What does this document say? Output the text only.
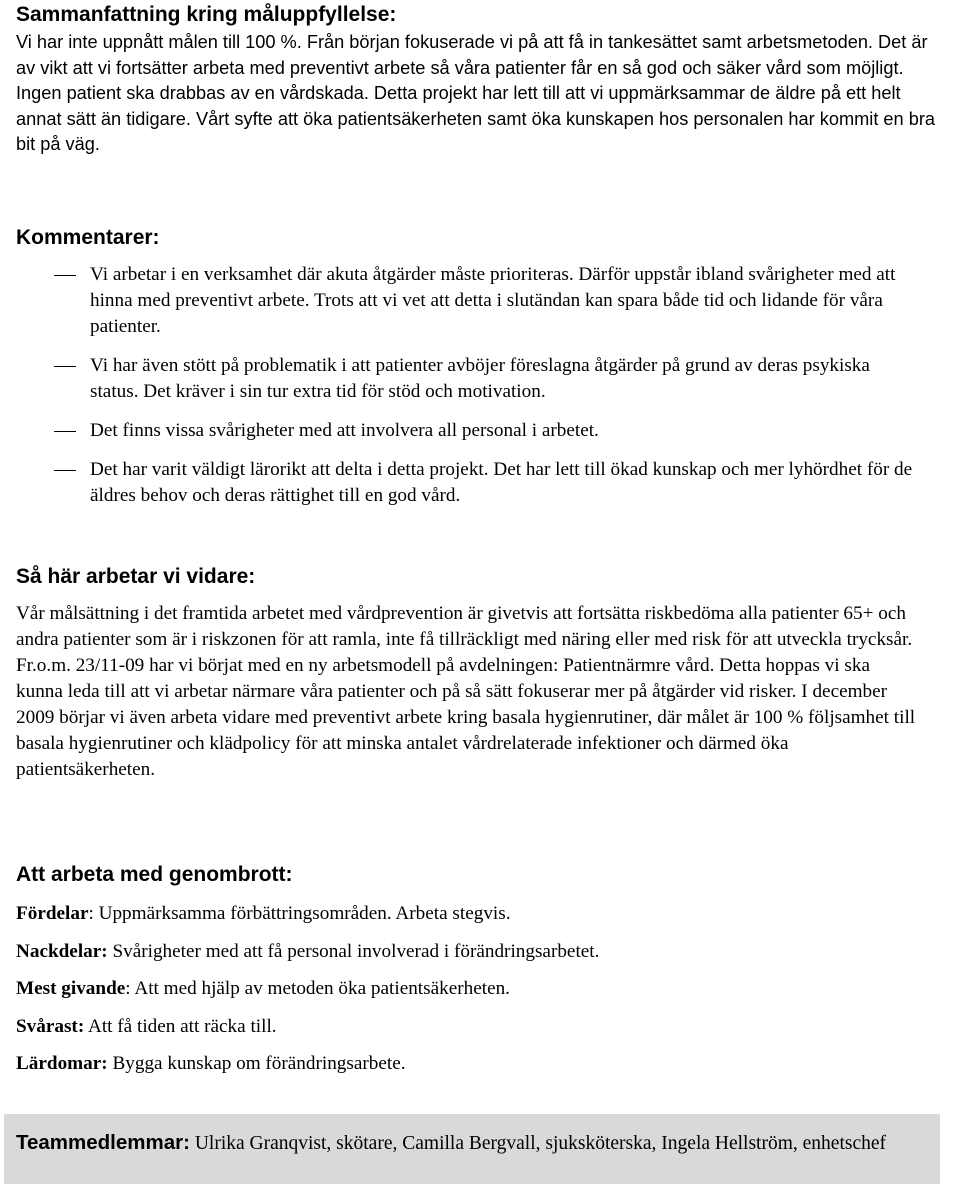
Sammanfattning kring måluppfyllelse:

Vi har inte uppnått målen till 100 %. Från början fokuserade vi på att få in tankesättet samt arbetsmetoden. Det är av vikt att vi fortsätter arbeta med preventivt arbete så våra patienter får en så god och säker vård som möjligt. Ingen patient ska drabbas av en vårdskada. Detta projekt har lett till att vi uppmärksammar de äldre på ett helt annat sätt än tidigare. Vårt syfte att öka patientsäkerheten samt öka kunskapen hos personalen har kommit en bra bit på väg.

Kommentarer:
Vi arbetar i en verksamhet där akuta åtgärder måste prioriteras. Därför uppstår ibland svårigheter med att hinna med preventivt arbete. Trots att vi vet att detta i slutändan kan spara både tid och lidande för våra patienter.
Vi har även stött på problematik i att patienter avböjer föreslagna åtgärder på grund av deras psykiska status. Det kräver i sin tur extra tid för stöd och motivation.
Det finns vissa svårigheter med att involvera all personal i arbetet.
Det har varit väldigt lärorikt att delta i detta projekt. Det har lett till ökad kunskap och mer lyhördhet för de äldres behov och deras rättighet till en god vård.
Så här arbetar vi vidare:

Vår målsättning i det framtida arbetet med vårdprevention är givetvis att fortsätta riskbedöma alla patienter 65+ och andra patienter som är i riskzonen för att ramla, inte få tillräckligt med näring eller med risk för att utveckla trycksår. Fr.o.m. 23/11-09 har vi börjat med en ny arbetsmodell på avdelningen: Patientnärmre vård. Detta hoppas vi ska kunna leda till att vi arbetar närmare våra patienter och på så sätt fokuserar mer på åtgärder vid risker. I december 2009 börjar vi även arbeta vidare med preventivt arbete kring basala hygienrutiner, där målet är 100 % följsamhet till basala hygienrutiner och klädpolicy för att minska antalet vårdrelaterade infektioner och därmed öka patientsäkerheten.

Att arbeta med genombrott:
Fördelar: Uppmärksamma förbättringsområden. Arbeta stegvis.
Nackdelar: Svårigheter med att få personal involverad i förändringsarbetet.
Mest givande: Att med hjälp av metoden öka patientsäkerheten.
Svårast: Att få tiden att räcka till.
Lärdomar: Bygga kunskap om förändringsarbete.

Teammedlemmar: Ulrika Granqvist, skötare, Camilla Bergvall, sjuksköterska, Ingela Hellström, enhetschef
